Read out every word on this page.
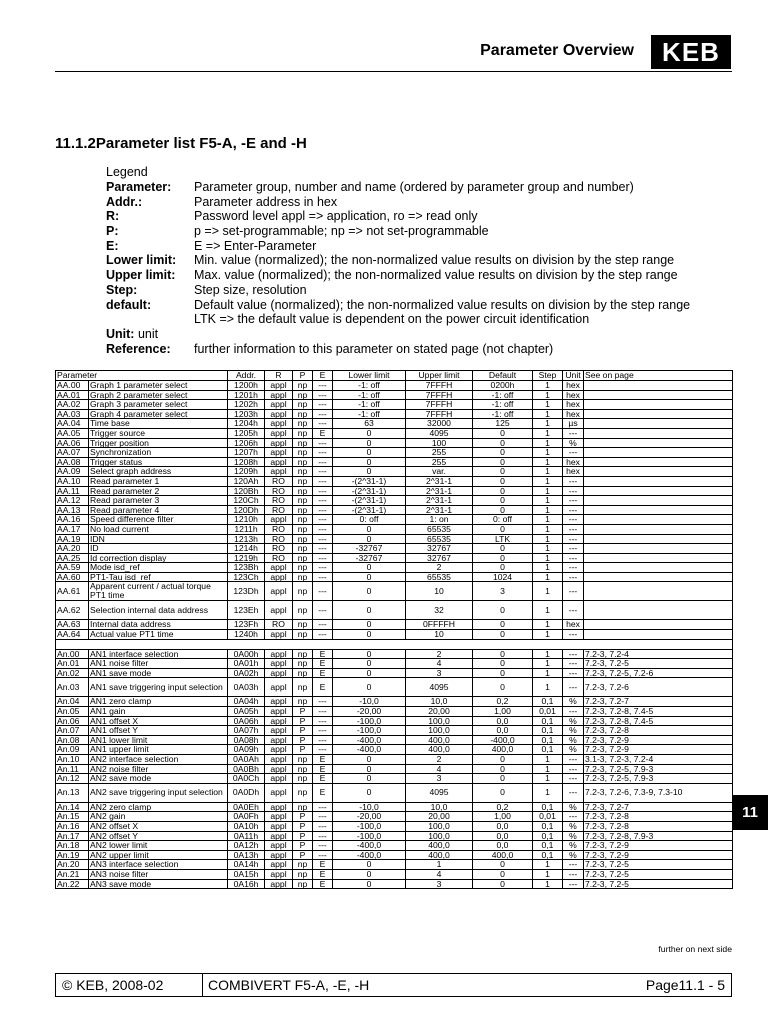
Parameter Overview	KEB
11.1.2Parameter list F5-A, -E and -H
Legend
Parameter: Parameter group, number and name (ordered by parameter group and number)
Addr.:	Parameter address in hex
R:	Password level appl => application, ro => read only
P:	p => set-programmable; np => not set-programmable
E:	E => Enter-Parameter
Lower limit: Min. value (normalized); the non-normalized value results on division by the step range
Upper limit: Max. value (normalized); the non-normalized value results on division by the step range
Step:	Step size, resolution
default:	Default value (normalized); the non-normalized value results on division by the step range
LTK => the default value is dependent on the power circuit identification
Unit: unit
Reference: further information to this parameter on stated page (not chapter)
Parameter		Addr.	R	P	E	Lower limit	Upper limit	Default	Step	Unit	See on page
AA.00	Graph 1 parameter select	1200h	appl	np	---	-1: off	7FFFH	0200h	1	hex	
AA.01	Graph 2 parameter select	1201h	appl	np	---	-1: off	7FFFH	-1: off	1	hex	
AA.02	Graph 3 parameter select	1202h	appl	np	---	-1: off	7FFFH	-1: off	1	hex	
AA.03	Graph 4 parameter select	1203h	appl	np	---	-1: off	7FFFH	-1: off	1	hex	
AA.04	Time base	1204h	appl	np	---	63	32000	125	1	µs	
AA.05	Trigger source	1205h	appl	np	E	0	4095	0	1	---	
AA.06	Trigger position	1206h	appl	np	---	0	100	0	1	%	
AA.07	Synchronization	1207h	appl	np	---	0	255	0	1	---	
AA.08	Trigger status	1208h	appl	np	---	0	255	0	1	hex	
AA.09	Select graph address	1209h	appl	np	---	0	var.	0	1	hex	
AA.10	Read parameter 1	120Ah	RO	np	---	-(2^31-1)	2^31-1	0	1	---	
AA.11	Read parameter 2	120Bh	RO	np	---	-(2^31-1)	2^31-1	0	1	---	
AA.12	Read parameter 3	120Ch	RO	np	---	-(2^31-1)	2^31-1	0	1	---	
AA.13	Read parameter 4	120Dh	RO	np	---	-(2^31-1)	2^31-1	0	1	---	
AA.16	Speed difference filter	1210h	appl	np	---	0: off	1: on	0: off	1	---	
AA.17	No load current	1211h	RO	np	---	0	65535	0	1	---	
AA.19	IDN	1213h	RO	np	---	0	65535	LTK	1	---	
AA.20	ID	1214h	RO	np	---	-32767	32767	0	1	---	
AA.25	Id correction display	1219h	RO	np	---	-32767	32767	0	1	---	
AA.59	Mode isd_ref	123Bh	appl	np	---	0	2	0	1	---	
AA.60	PT1-Tau isd_ref	123Ch	appl	np	---	0	65535	1024	1	---	
AA.61	Apparent current / actual torque PT1 time	123Dh	appl	np	---	0	10	3	1	---	
AA.62	Selection internal data address	123Eh	appl	np	---	0	32	0	1	---	
AA.63	Internal data address	123Fh	RO	np	---	0	0FFFFH	0	1	hex	
AA.64	Actual value PT1 time	1240h	appl	np	---	0	10	0	1	---	

An.00	AN1 interface selection	0A00h	appl	np	E	0	2	0	1	---	7.2-3, 7.2-4
An.01	AN1 noise filter	0A01h	appl	np	E	0	4	0	1	---	7.2-3, 7.2-5
An.02	AN1 save mode	0A02h	appl	np	E	0	3	0	1	---	7.2-3, 7.2-5, 7.2-6
An.03	AN1 save triggering input selection	0A03h	appl	np	E	0	4095	0	1	---	7.2-3, 7.2-6
An.04	AN1 zero clamp	0A04h	appl	np	---	-10,0	10,0	0,2	0,1	%	7.2-3, 7.2-7
An.05	AN1 gain	0A05h	appl	P	---	-20,00	20,00	1,00	0,01	---	7.2-3, 7.2-8, 7.4-5
An.06	AN1 offset X	0A06h	appl	P	---	-100,0	100,0	0,0	0,1	%	7.2-3, 7.2-8, 7.4-5
An.07	AN1 offset Y	0A07h	appl	P	---	-100,0	100,0	0,0	0,1	%	7.2-3, 7.2-8
An.08	AN1 lower limit	0A08h	appl	P	---	-400,0	400,0	-400,0	0,1	%	7.2-3, 7.2-9
An.09	AN1 upper limit	0A09h	appl	P	---	-400,0	400,0	400,0	0,1	%	7.2-3, 7.2-9
An.10	AN2 interface selection	0A0Ah	appl	np	E	0	2	0	1	---	3.1-3, 7.2-3, 7.2-4
An.11	AN2 noise filter	0A0Bh	appl	np	E	0	4	0	1	---	7.2-3, 7.2-5, 7.9-3
An.12	AN2 save mode	0A0Ch	appl	np	E	0	3	0	1	---	7.2-3, 7.2-5, 7.9-3
An.13	AN2 save triggering input selection	0A0Dh	appl	np	E	0	4095	0	1	---	7.2-3, 7.2-6, 7.3-9, 7.3-10
An.14	AN2 zero clamp	0A0Eh	appl	np	---	-10,0	10,0	0,2	0,1	%	7.2-3, 7.2-7
An.15	AN2 gain	0A0Fh	appl	P	---	-20,00	20,00	1,00	0,01	---	7.2-3, 7.2-8
An.16	AN2 offset X	0A10h	appl	P	---	-100,0	100,0	0,0	0,1	%	7.2-3, 7.2-8
An.17	AN2 offset Y	0A11h	appl	P	---	-100,0	100,0	0,0	0,1	%	7.2-3, 7.2-8, 7.9-3
An.18	AN2 lower limit	0A12h	appl	P	---	-400,0	400,0	0,0	0,1	%	7.2-3, 7.2-9
An.19	AN2 upper limit	0A13h	appl	P	---	-400,0	400,0	400,0	0,1	%	7.2-3, 7.2-9
An.20	AN3 interface selection	0A14h	appl	np	E	0	1	0	1	---	7.2-3, 7.2-5
An.21	AN3 noise filter	0A15h	appl	np	E	0	4	0	1	---	7.2-3, 7.2-5
An.22	AN3 save mode	0A16h	appl	np	E	0	3	0	1	---	7.2-3, 7.2-5
further on next side
11
© KEB, 2008-02	COMBIVERT F5-A, -E, -H	Page11.1 - 5
